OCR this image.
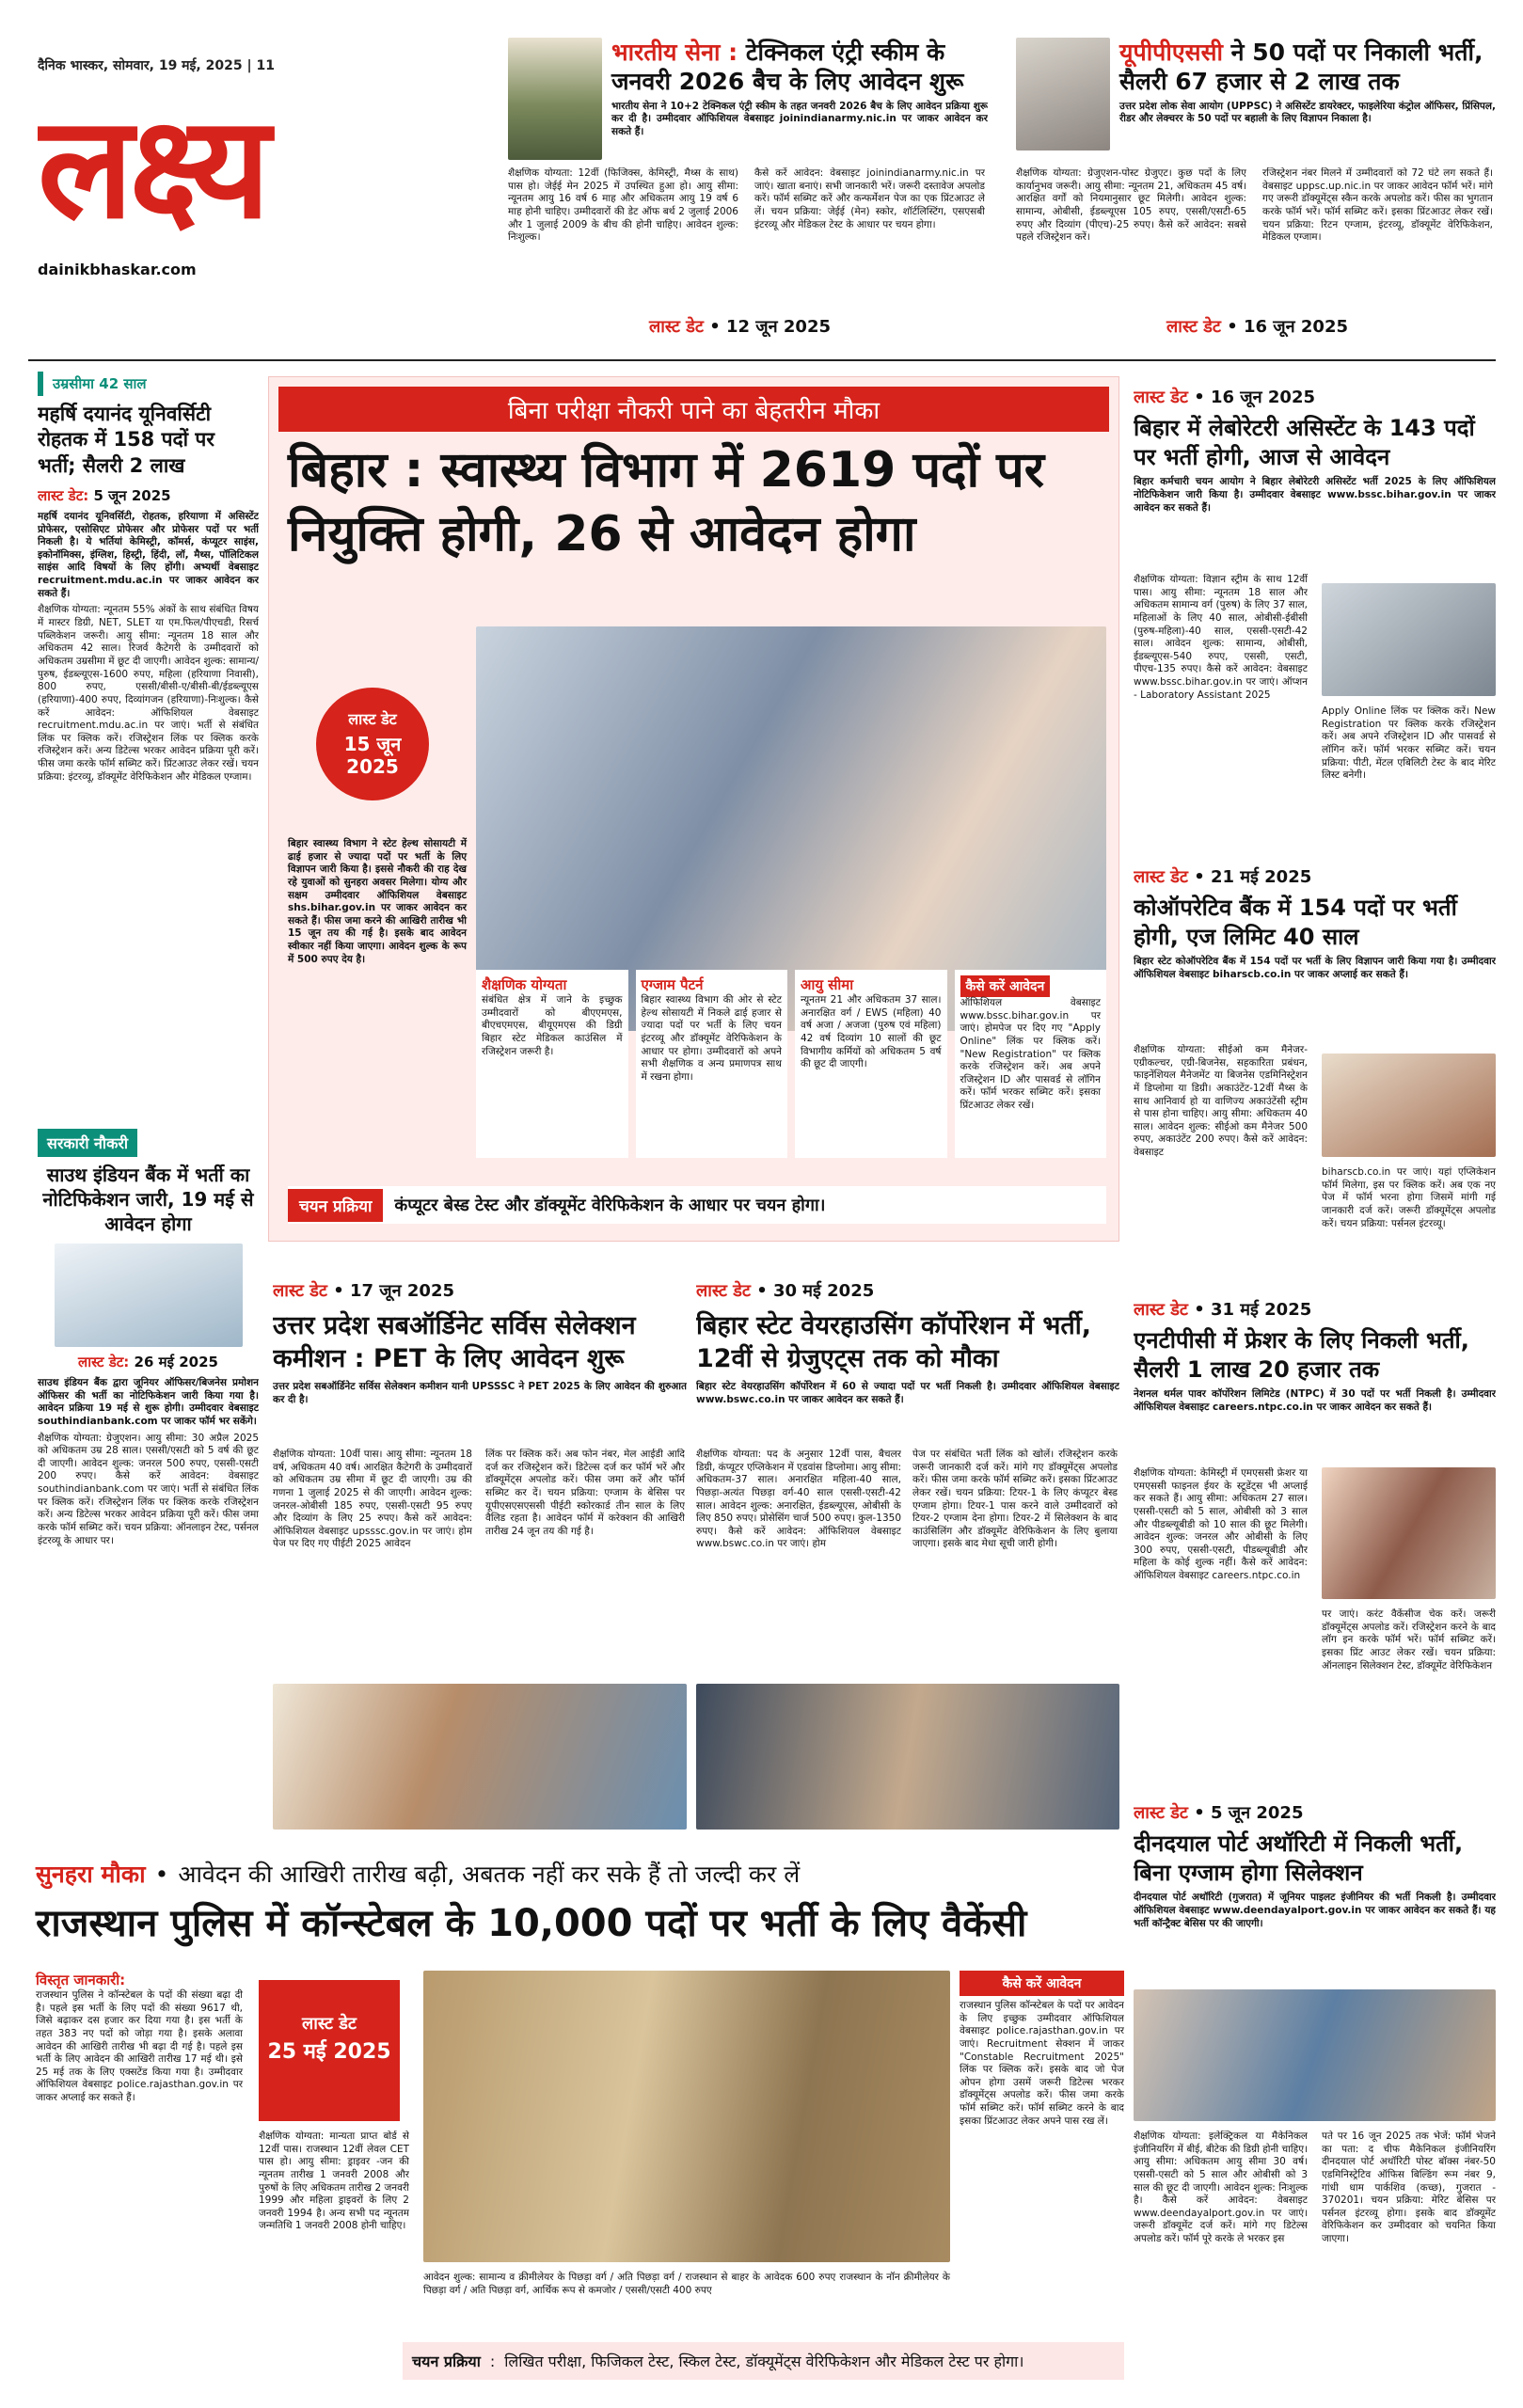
दैनिक भास्कर, सोमवार, 19 मई, 2025 | 11
लक्ष्य
dainikbhaskar.com
भारतीय सेना : टेक्निकल एंट्री स्कीम के जनवरी 2026 बैच के लिए आवेदन शुरू
भारतीय सेना ने 10+2 टेक्निकल एंट्री स्कीम के तहत जनवरी 2026 बैच के लिए आवेदन प्रक्रिया शुरू कर दी है। उम्मीदवार ऑफिशियल वेबसाइट joinindianarmy.nic.in पर जाकर आवेदन कर सकते हैं।
शैक्षणिक योग्यता: 12वीं (फिजिक्स, केमिस्ट्री, मैथ्स के साथ) पास हो। जेईई मेन 2025 में उपस्थित हुआ हो। आयु सीमा: न्यूनतम आयु 16 वर्ष 6 माह और अधिकतम आयु 19 वर्ष 6 माह होनी चाहिए। उम्मीदवारों की डेट ऑफ बर्थ 2 जुलाई 2006 और 1 जुलाई 2009 के बीच की होनी चाहिए। आवेदन शुल्क: निःशुल्क।
कैसे करें आवेदन: वेबसाइट joinindianarmy.nic.in पर जाएं। खाता बनाएं। सभी जानकारी भरें। जरूरी दस्तावेज अपलोड करें। फॉर्म सब्मिट करें और कन्फर्मेशन पेज का एक प्रिंटआउट ले लें। चयन प्रक्रिया: जेईई (मेन) स्कोर, शॉर्टलिस्टिंग, एसएसबी इंटरव्यू और मेडिकल टेस्ट के आधार पर चयन होगा।
लास्ट डेट • 12 जून 2025
यूपीपीएससी ने 50 पदों पर निकाली भर्ती, सैलरी 67 हजार से 2 लाख तक
उत्तर प्रदेश लोक सेवा आयोग (UPPSC) ने असिस्टेंट डायरेक्टर, फाइलेरिया कंट्रोल ऑफिसर, प्रिंसिपल, रीडर और लेक्चरर के 50 पदों पर बहाली के लिए विज्ञापन निकाला है।
शैक्षणिक योग्यता: ग्रेजुएशन-पोस्ट ग्रेजुएट। कुछ पदों के लिए कार्यानुभव जरूरी। आयु सीमा: न्यूनतम 21, अधिकतम 45 वर्ष। आरक्षित वर्गों को नियमानुसार छूट मिलेगी। आवेदन शुल्क: सामान्य, ओबीसी, ईडब्ल्यूएस 105 रुपए, एससी/एसटी-65 रुपए और दिव्यांग (पीएच)-25 रुपए। कैसे करें आवेदन: सबसे पहले रजिस्ट्रेशन करें।
रजिस्ट्रेशन नंबर मिलने में उम्मीदवारों को 72 घंटे लग सकते हैं। वेबसाइट uppsc.up.nic.in पर जाकर आवेदन फॉर्म भरें। मांगे गए जरूरी डॉक्यूमेंट्स स्कैन करके अपलोड करें। फीस का भुगतान करके फॉर्म भरें। फॉर्म सब्मिट करें। इसका प्रिंटआउट लेकर रखें। चयन प्रक्रिया: रिटन एग्जाम, इंटरव्यू, डॉक्यूमेंट वेरिफिकेशन, मेडिकल एग्जाम।
लास्ट डेट • 16 जून 2025
उम्रसीमा 42 साल
महर्षि दयानंद यूनिवर्सिटी रोहतक में 158 पदों पर भर्ती; सैलरी 2 लाख
लास्ट डेट: 5 जून 2025
महर्षि दयानंद यूनिवर्सिटी, रोहतक, हरियाणा में असिस्टेंट प्रोफेसर, एसोसिएट प्रोफेसर और प्रोफेसर पदों पर भर्ती निकली है। ये भर्तियां केमिस्ट्री, कॉमर्स, कंप्यूटर साइंस, इकोनॉमिक्स, इंग्लिश, हिस्ट्री, हिंदी, लॉ, मैथ्स, पॉलिटिकल साइंस आदि विषयों के लिए होंगी। अभ्यर्थी वेबसाइट recruitment.mdu.ac.in पर जाकर आवेदन कर सकते हैं।
शैक्षणिक योग्यता: न्यूनतम 55% अंकों के साथ संबंधित विषय में मास्टर डिग्री, NET, SLET या एम.फिल/पीएचडी, रिसर्च पब्लिकेशन जरूरी। आयु सीमा: न्यूनतम 18 साल और अधिकतम 42 साल। रिजर्व कैटेगरी के उम्मीदवारों को अधिकतम उम्रसीमा में छूट दी जाएगी। आवेदन शुल्क: सामान्य/पुरुष, ईडब्ल्यूएस-1600 रुपए, महिला (हरियाणा निवासी), 800 रुपए, एससी/बीसी-ए/बीसी-बी/ईडब्ल्यूएस (हरियाणा)-400 रुपए, दिव्यांगजन (हरियाणा)-निःशुल्क। कैसे करें आवेदन: ऑफिशियल वेबसाइट recruitment.mdu.ac.in पर जाएं। भर्ती से संबंधित लिंक पर क्लिक करें। रजिस्ट्रेशन लिंक पर क्लिक करके रजिस्ट्रेशन करें। अन्य डिटेल्स भरकर आवेदन प्रक्रिया पूरी करें। फीस जमा करके फॉर्म सब्मिट करें। प्रिंटआउट लेकर रखें। चयन प्रक्रिया: इंटरव्यू, डॉक्यूमेंट वेरिफिकेशन और मेडिकल एग्जाम।
सरकारी नौकरी
साउथ इंडियन बैंक में भर्ती का नोटिफिकेशन जारी, 19 मई से आवेदन होगा
लास्ट डेट: 26 मई 2025
साउथ इंडियन बैंक द्वारा जूनियर ऑफिसर/बिजनेस प्रमोशन ऑफिसर की भर्ती का नोटिफिकेशन जारी किया गया है। आवेदन प्रक्रिया 19 मई से शुरू होगी। उम्मीदवार वेबसाइट southindianbank.com पर जाकर फॉर्म भर सकेंगे।
शैक्षणिक योग्यता: ग्रेजुएशन। आयु सीमा: 30 अप्रैल 2025 को अधिकतम उम्र 28 साल। एससी/एसटी को 5 वर्ष की छूट दी जाएगी। आवेदन शुल्क: जनरल 500 रुपए, एससी-एसटी 200 रुपए। कैसे करें आवेदन: वेबसाइट southindianbank.com पर जाएं। भर्ती से संबंधित लिंक पर क्लिक करें। रजिस्ट्रेशन लिंक पर क्लिक करके रजिस्ट्रेशन करें। अन्य डिटेल्स भरकर आवेदन प्रक्रिया पूरी करें। फीस जमा करके फॉर्म सब्मिट करें। चयन प्रक्रिया: ऑनलाइन टेस्ट, पर्सनल इंटरव्यू के आधार पर।
बिना परीक्षा नौकरी पाने का बेहतरीन मौका
बिहार : स्वास्थ्य विभाग में 2619 पदों पर नियुक्ति होगी, 26 से आवेदन होगा
लास्ट डेट
15 जून 2025
बिहार स्वास्थ्य विभाग ने स्टेट हेल्थ सोसायटी में ढाई हजार से ज्यादा पदों पर भर्ती के लिए विज्ञापन जारी किया है। इससे नौकरी की राह देख रहे युवाओं को सुनहरा अवसर मिलेगा। योग्य और सक्षम उम्मीदवार ऑफिशियल वेबसाइट shs.bihar.gov.in पर जाकर आवेदन कर सकते हैं। फीस जमा करने की आखिरी तारीख भी 15 जून तय की गई है। इसके बाद आवेदन स्वीकार नहीं किया जाएगा। आवेदन शुल्क के रूप में 500 रुपए देय है।
शैक्षणिक योग्यता
संबंधित क्षेत्र में जाने के इच्छुक उम्मीदवारों को बीएएमएस, बीएचएमएस, बीयूएमएस की डिग्री बिहार स्टेट मेडिकल काउंसिल में रजिस्ट्रेशन जरूरी है।
एग्जाम पैटर्न
बिहार स्वास्थ्य विभाग की ओर से स्टेट हेल्थ सोसायटी में निकले ढाई हजार से ज्यादा पदों पर भर्ती के लिए चयन इंटरव्यू और डॉक्यूमेंट वेरिफिकेशन के आधार पर होगा। उम्मीदवारों को अपने सभी शैक्षणिक व अन्य प्रमाणपत्र साथ में रखना होगा।
आयु सीमा
न्यूनतम 21 और अधिकतम 37 साल। अनारक्षित वर्ग / EWS (महिला) 40 वर्ष अजा / अजजा (पुरुष एवं महिला) 42 वर्ष दिव्यांग 10 सालों की छूट विभागीय कर्मियों को अधिकतम 5 वर्ष की छूट दी जाएगी।
कैसे करें आवेदन
ऑफिशियल वेबसाइट www.bssc.bihar.gov.in पर जाएं। होमपेज पर दिए गए "Apply Online" लिंक पर क्लिक करें। "New Registration" पर क्लिक करके रजिस्ट्रेशन करें। अब अपने रजिस्ट्रेशन ID और पासवर्ड से लॉगिन करें। फॉर्म भरकर सब्मिट करें। इसका प्रिंटआउट लेकर रखें।
चयन प्रक्रिया	कंप्यूटर बेस्ड टेस्ट और डॉक्यूमेंट वेरिफिकेशन के आधार पर चयन होगा।
लास्ट डेट • 17 जून 2025
उत्तर प्रदेश सबऑर्डिनेट सर्विस सेलेक्शन कमीशन : PET के लिए आवेदन शुरू
उत्तर प्रदेश सबऑर्डिनेट सर्विस सेलेक्शन कमीशन यानी UPSSSC ने PET 2025 के लिए आवेदन की शुरुआत कर दी है।
शैक्षणिक योग्यता: 10वीं पास। आयु सीमा: न्यूनतम 18 वर्ष, अधिकतम 40 वर्ष। आरक्षित कैटेगरी के उम्मीदवारों को अधिकतम उम्र सीमा में छूट दी जाएगी। उम्र की गणना 1 जुलाई 2025 से की जाएगी। आवेदन शुल्क: जनरल-ओबीसी 185 रुपए, एससी-एसटी 95 रुपए और दिव्यांग के लिए 25 रुपए। कैसे करें आवेदन: ऑफिशियल वेबसाइट upsssc.gov.in पर जाएं। होम पेज पर दिए गए पीईटी 2025 आवेदन
लिंक पर क्लिक करें। अब फोन नंबर, मेल आईडी आदि दर्ज कर रजिस्ट्रेशन करें। डिटेल्स दर्ज कर फॉर्म भरें और डॉक्यूमेंट्स अपलोड करें। फीस जमा करें और फॉर्म सब्मिट कर दें। चयन प्रक्रिया: एग्जाम के बेसिस पर यूपीएसएसएससी पीईटी स्कोरकार्ड तीन साल के लिए वैलिड रहता है। आवेदन फॉर्म में करेक्शन की आखिरी तारीख 24 जून तय की गई है।
लास्ट डेट • 30 मई 2025
बिहार स्टेट वेयरहाउसिंग कॉर्पोरेशन में भर्ती, 12वीं से ग्रेजुएट्स तक को मौका
बिहार स्टेट वेयरहाउसिंग कॉर्पोरेशन में 60 से ज्यादा पदों पर भर्ती निकली है। उम्मीदवार ऑफिशियल वेबसाइट www.bswc.co.in पर जाकर आवेदन कर सकते हैं।
शैक्षणिक योग्यता: पद के अनुसार 12वीं पास, बैचलर डिग्री, कंप्यूटर एप्लिकेशन में एडवांस डिप्लोमा। आयु सीमा: अधिकतम-37 साल। अनारक्षित महिला-40 साल, पिछड़ा-अत्यंत पिछड़ा वर्ग-40 साल एससी-एसटी-42 साल। आवेदन शुल्क: अनारक्षित, ईडब्ल्यूएस, ओबीसी के लिए 850 रुपए। प्रोसेसिंग चार्ज 500 रुपए। कुल-1350 रुपए। कैसे करें आवेदन: ऑफिशियल वेबसाइट www.bswc.co.in पर जाएं। होम
पेज पर संबंधित भर्ती लिंक को खोलें। रजिस्ट्रेशन करके जरूरी जानकारी दर्ज करें। मांगे गए डॉक्यूमेंट्स अपलोड करें। फीस जमा करके फॉर्म सब्मिट करें। इसका प्रिंटआउट लेकर रखें। चयन प्रक्रिया: टियर-1 के लिए कंप्यूटर बेस्ड एग्जाम होगा। टियर-1 पास करने वाले उम्मीदवारों को टियर-2 एग्जाम देना होगा। टियर-2 में सिलेक्शन के बाद काउंसिलिंग और डॉक्यूमेंट वेरिफिकेशन के लिए बुलाया जाएगा। इसके बाद मेधा सूची जारी होगी।
लास्ट डेट • 16 जून 2025
बिहार में लेबोरेटरी असिस्टेंट के 143 पदों पर भर्ती होगी, आज से आवेदन
बिहार कर्मचारी चयन आयोग ने बिहार लेबोरेटरी असिस्टेंट भर्ती 2025 के लिए ऑफिशियल नोटिफिकेशन जारी किया है। उम्मीदवार वेबसाइट www.bssc.bihar.gov.in पर जाकर आवेदन कर सकते हैं।
शैक्षणिक योग्यता: विज्ञान स्ट्रीम के साथ 12वीं पास। आयु सीमा: न्यूनतम 18 साल और अधिकतम सामान्य वर्ग (पुरुष) के लिए 37 साल, महिलाओं के लिए 40 साल, ओबीसी-ईबीसी (पुरुष-महिला)-40 साल, एससी-एसटी-42 साल। आवेदन शुल्क: सामान्य, ओबीसी, ईडब्ल्यूएस-540 रुपए, एससी, एसटी, पीएच-135 रुपए। कैसे करें आवेदन: वेबसाइट www.bssc.bihar.gov.in पर जाएं। ऑप्शन - Laboratory Assistant 2025
Apply Online लिंक पर क्लिक करें। New Registration पर क्लिक करके रजिस्ट्रेशन करें। अब अपने रजिस्ट्रेशन ID और पासवर्ड से लॉगिन करें। फॉर्म भरकर सब्मिट करें। चयन प्रक्रिया: पीटी, मेंटल एबिलिटी टेस्ट के बाद मेरिट लिस्ट बनेगी।
लास्ट डेट • 21 मई 2025
कोऑपरेटिव बैंक में 154 पदों पर भर्ती होगी, एज लिमिट 40 साल
बिहार स्टेट कोऑपरेटिव बैंक में 154 पदों पर भर्ती के लिए विज्ञापन जारी किया गया है। उम्मीदवार ऑफिशियल वेबसाइट biharscb.co.in पर जाकर अप्लाई कर सकते हैं।
शैक्षणिक योग्यता: सीईओ कम मैनेजर-एग्रीकल्चर, एग्री-बिजनेस, सहकारिता प्रबंधन, फाइनेंशियल मैनेजमेंट या बिजनेस एडमिनिस्ट्रेशन में डिप्लोमा या डिग्री। अकाउंटेंट-12वीं मैथ्स के साथ आनिवार्य हो या वाणिज्य अकाउंटेंसी स्ट्रीम से पास होना चाहिए। आयु सीमा: अधिकतम 40 साल। आवेदन शुल्क: सीईओ कम मैनेजर 500 रुपए, अकाउंटेंट 200 रुपए। कैसे करें आवेदन: वेबसाइट
biharscb.co.in पर जाएं। यहां एप्लिकेशन फॉर्म मिलेगा, इस पर क्लिक करें। अब एक नए पेज में फॉर्म भरना होगा जिसमें मांगी गई जानकारी दर्ज करें। जरूरी डॉक्यूमेंट्स अपलोड करें। चयन प्रक्रिया: पर्सनल इंटरव्यू।
लास्ट डेट • 31 मई 2025
एनटीपीसी में फ्रेशर के लिए निकली भर्ती, सैलरी 1 लाख 20 हजार तक
नेशनल थर्मल पावर कॉर्पोरेशन लिमिटेड (NTPC) में 30 पदों पर भर्ती निकली है। उम्मीदवार ऑफिशियल वेबसाइट careers.ntpc.co.in पर जाकर आवेदन कर सकते हैं।
शैक्षणिक योग्यता: केमिस्ट्री में एमएससी फ्रेशर या एमएससी फाइनल ईयर के स्टूडेंट्स भी अप्लाई कर सकते हैं। आयु सीमा: अधिकतम 27 साल। एससी-एसटी को 5 साल, ओबीसी को 3 साल और पीडब्ल्यूबीडी को 10 साल की छूट मिलेगी। आवेदन शुल्क: जनरल और ओबीसी के लिए 300 रुपए, एससी-एसटी, पीडब्ल्यूबीडी और महिला के कोई शुल्क नहीं। कैसे करें आवेदन: ऑफिशियल वेबसाइट careers.ntpc.co.in
पर जाएं। करंट वैकेंसीज चेक करें। जरूरी डॉक्यूमेंट्स अपलोड करें। रजिस्ट्रेशन करने के बाद लॉग इन करके फॉर्म भरें। फॉर्म सब्मिट करें। इसका प्रिंट आउट लेकर रखें। चयन प्रक्रिया: ऑनलाइन सिलेक्शन टेस्ट, डॉक्यूमेंट वेरिफिकेशन
लास्ट डेट • 5 जून 2025
दीनदयाल पोर्ट अथॉरिटी में निकली भर्ती, बिना एग्जाम होगा सिलेक्शन
दीनदयाल पोर्ट अथॉरिटी (गुजरात) में जूनियर पाइलट इंजीनियर की भर्ती निकली है। उम्मीदवार ऑफिशियल वेबसाइट www.deendayalport.gov.in पर जाकर आवेदन कर सकते हैं। यह भर्ती कॉन्ट्रैक्ट बेसिस पर की जाएगी।
शैक्षणिक योग्यता: इलेक्ट्रिकल या मैकेनिकल इंजीनियरिंग में बीई, बीटेक की डिग्री होनी चाहिए। आयु सीमा: अधिकतम आयु सीमा 30 वर्ष। एससी-एसटी को 5 साल और ओबीसी को 3 साल की छूट दी जाएगी। आवेदन शुल्क: निःशुल्क है। कैसे करें आवेदन: वेबसाइट www.deendayalport.gov.in पर जाएं। जरूरी डॉक्यूमेंट दर्ज करें। मांगे गए डिटेल्स अपलोड करें। फॉर्म पूरे करके ले भरकर इस
पते पर 16 जून 2025 तक भेजें: फॉर्म भेजने का पता: द चीफ मैकेनिकल इंजीनियरिंग दीनदयाल पोर्ट अथॉरिटी पोस्ट बॉक्स नंबर-50 एडमिनिस्ट्रेटिव ऑफिस बिल्डिंग रूम नंबर 9, गांधी धाम पार्कशिव (कच्छ), गुजरात - 370201। चयन प्रक्रिया: मेरिट बेसिस पर पर्सनल इंटरव्यू होगा। इसके बाद डॉक्यूमेंट वेरिफिकेशन कर उम्मीदवार को चयनित किया जाएगा।
सुनहरा मौका • आवेदन की आखिरी तारीख बढ़ी, अबतक नहीं कर सके हैं तो जल्दी कर लें
राजस्थान पुलिस में कॉन्स्टेबल के 10,000 पदों पर भर्ती के लिए वैकेंसी
विस्तृत जानकारी:
राजस्थान पुलिस ने कॉन्स्टेबल के पदों की संख्या बढ़ा दी है। पहले इस भर्ती के लिए पदों की संख्या 9617 थी, जिसे बढ़ाकर दस हजार कर दिया गया है। इस भर्ती के तहत 383 नए पदों को जोड़ा गया है। इसके अलावा आवेदन की आखिरी तारीख भी बढ़ा दी गई है। पहले इस भर्ती के लिए आवेदन की आखिरी तारीख 17 मई थी। इसे 25 मई तक के लिए एक्सटेंड किया गया है। उम्मीदवार ऑफिशियल वेबसाइट police.rajasthan.gov.in पर जाकर अप्लाई कर सकते हैं।
लास्ट डेट
25 मई 2025
शैक्षणिक योग्यता: मान्यता प्राप्त बोर्ड से 12वीं पास। राजस्थान 12वीं लेवल CET पास हो। आयु सीमा: ड्राइवर -जन की न्यूनतम तारीख 1 जनवरी 2008 और पुरुषों के लिए अधिकतम तारीख 2 जनवरी 1999 और महिला ड्राइवरों के लिए 2 जनवरी 1994 है। अन्य सभी पद न्यूनतम जन्मतिथि 1 जनवरी 2008 होनी चाहिए।
आवेदन शुल्क: सामान्य व क्रीमीलेयर के पिछड़ा वर्ग / अति पिछड़ा वर्ग / राजस्थान से बाहर के आवेदक 600 रुपए राजस्थान के नॉन क्रीमीलेयर के पिछड़ा वर्ग / अति पिछड़ा वर्ग, आर्थिक रूप से कमजोर / एससी/एसटी 400 रुपए
कैसे करें आवेदन
राजस्थान पुलिस कॉन्स्टेबल के पदों पर आवेदन के लिए इच्छुक उम्मीदवार ऑफिशियल वेबसाइट police.rajasthan.gov.in पर जाएं। Recruitment सेक्शन में जाकर "Constable Recruitment 2025" लिंक पर क्लिक करें। इसके बाद जो पेज ओपन होगा उसमें जरूरी डिटेल्स भरकर डॉक्यूमेंट्स अपलोड करें। फीस जमा करके फॉर्म सब्मिट करें। फॉर्म सब्मिट करने के बाद इसका प्रिंटआउट लेकर अपने पास रख लें।
चयन प्रक्रिया : लिखित परीक्षा, फिजिकल टेस्ट, स्किल टेस्ट, डॉक्यूमेंट्स वेरिफिकेशन और मेडिकल टेस्ट पर होगा।
